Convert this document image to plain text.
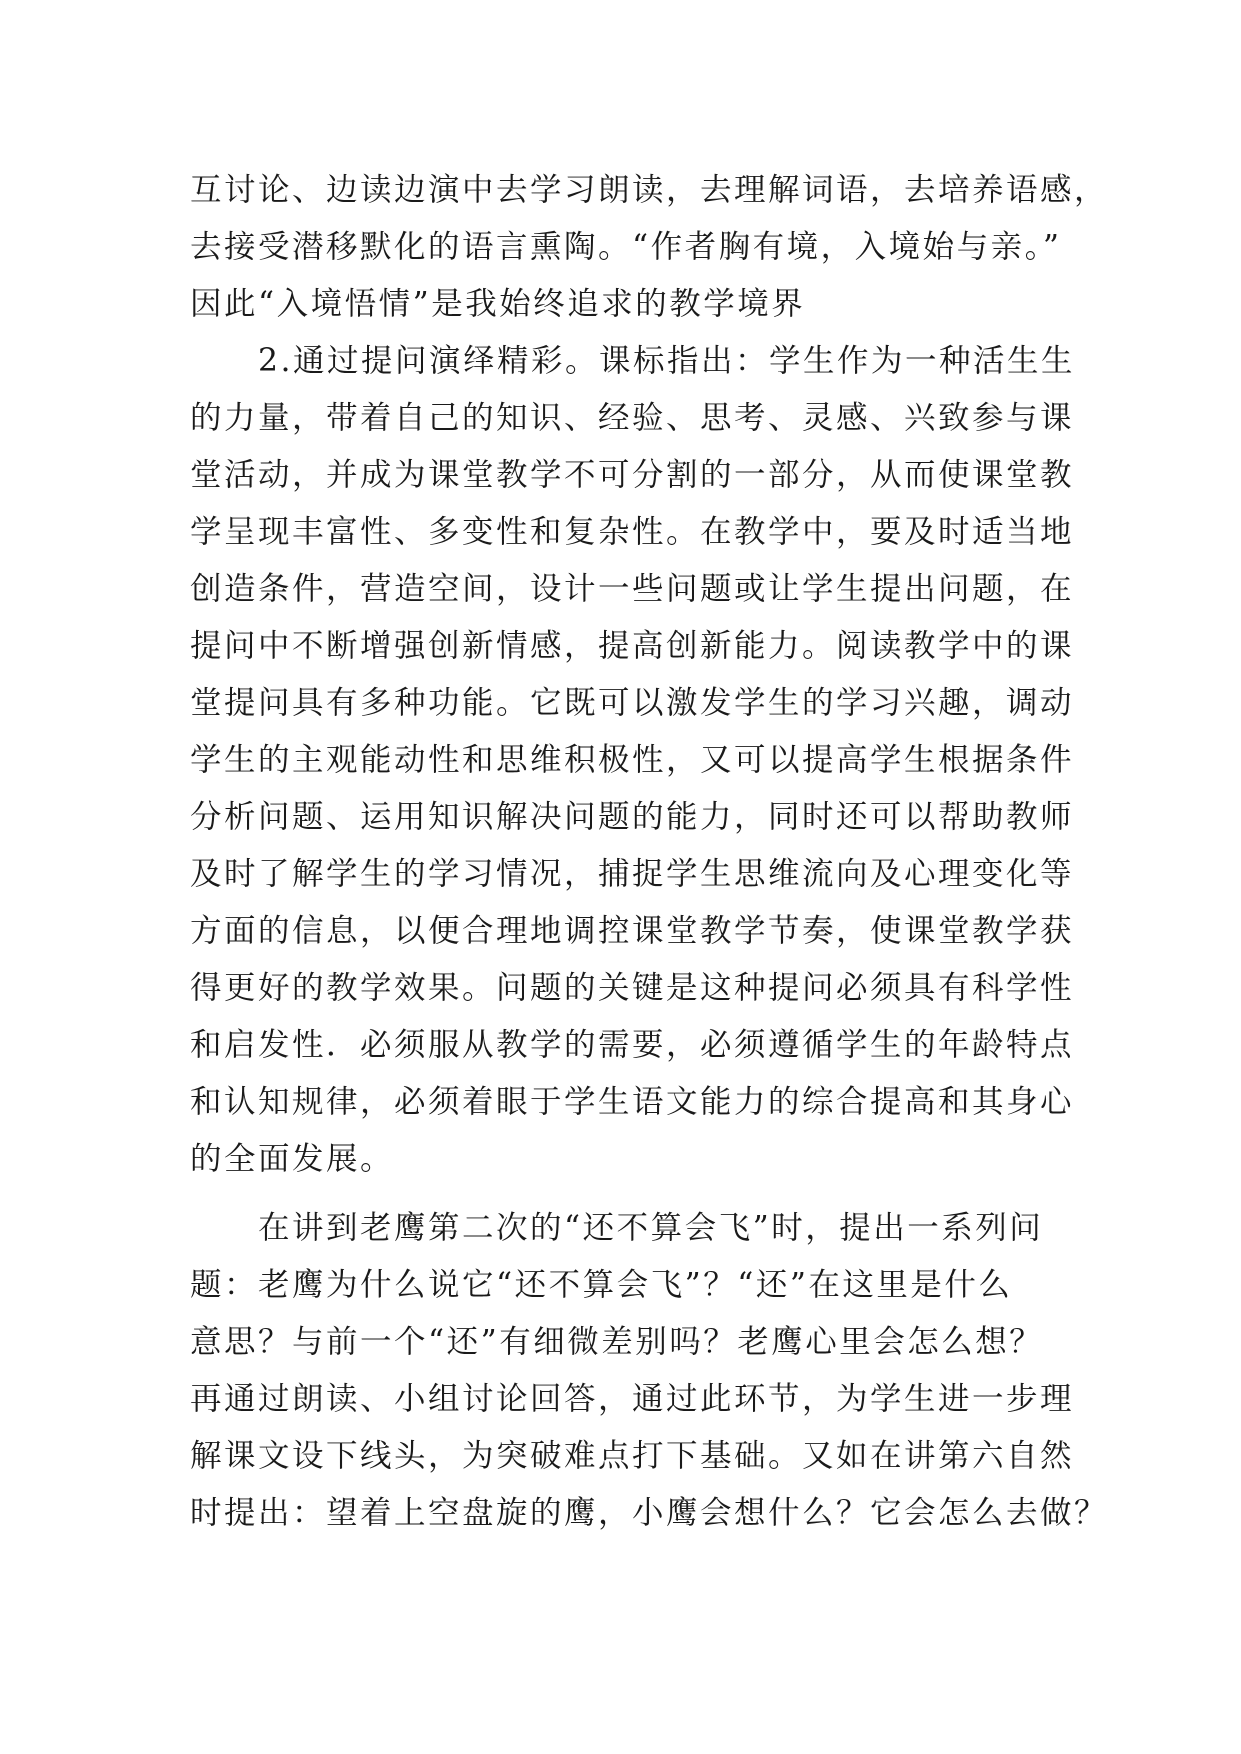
互讨论、边读边演中去学习朗读，去理解词语，去培养语感，
去接受潜移默化的语言熏陶。“作者胸有境，入境始与亲。”
因此“入境悟情”是我始终追求的教学境界
　　2.通过提问演绎精彩。课标指出：学生作为一种活生生
的力量，带着自己的知识、经验、思考、灵感、兴致参与课
堂活动，并成为课堂教学不可分割的一部分，从而使课堂教
学呈现丰富性、多变性和复杂性。在教学中，要及时适当地
创造条件，营造空间，设计一些问题或让学生提出问题，在
提问中不断增强创新情感，提高创新能力。阅读教学中的课
堂提问具有多种功能。它既可以激发学生的学习兴趣，调动
学生的主观能动性和思维积极性，又可以提高学生根据条件
分析问题、运用知识解决问题的能力，同时还可以帮助教师
及时了解学生的学习情况，捕捉学生思维流向及心理变化等
方面的信息，以便合理地调控课堂教学节奏，使课堂教学获
得更好的教学效果。问题的关键是这种提问必须具有科学性
和启发性．必须服从教学的需要，必须遵循学生的年龄特点
和认知规律，必须着眼于学生语文能力的综合提高和其身心
的全面发展。
　　在讲到老鹰第二次的“还不算会飞”时，提出一系列问
题：老鹰为什么说它“还不算会飞”？“还”在这里是什么
意思？与前一个“还”有细微差别吗？老鹰心里会怎么想？
再通过朗读、小组讨论回答，通过此环节，为学生进一步理
解课文设下线头，为突破难点打下基础。又如在讲第六自然
时提出：望着上空盘旋的鹰，小鹰会想什么？它会怎么去做？
